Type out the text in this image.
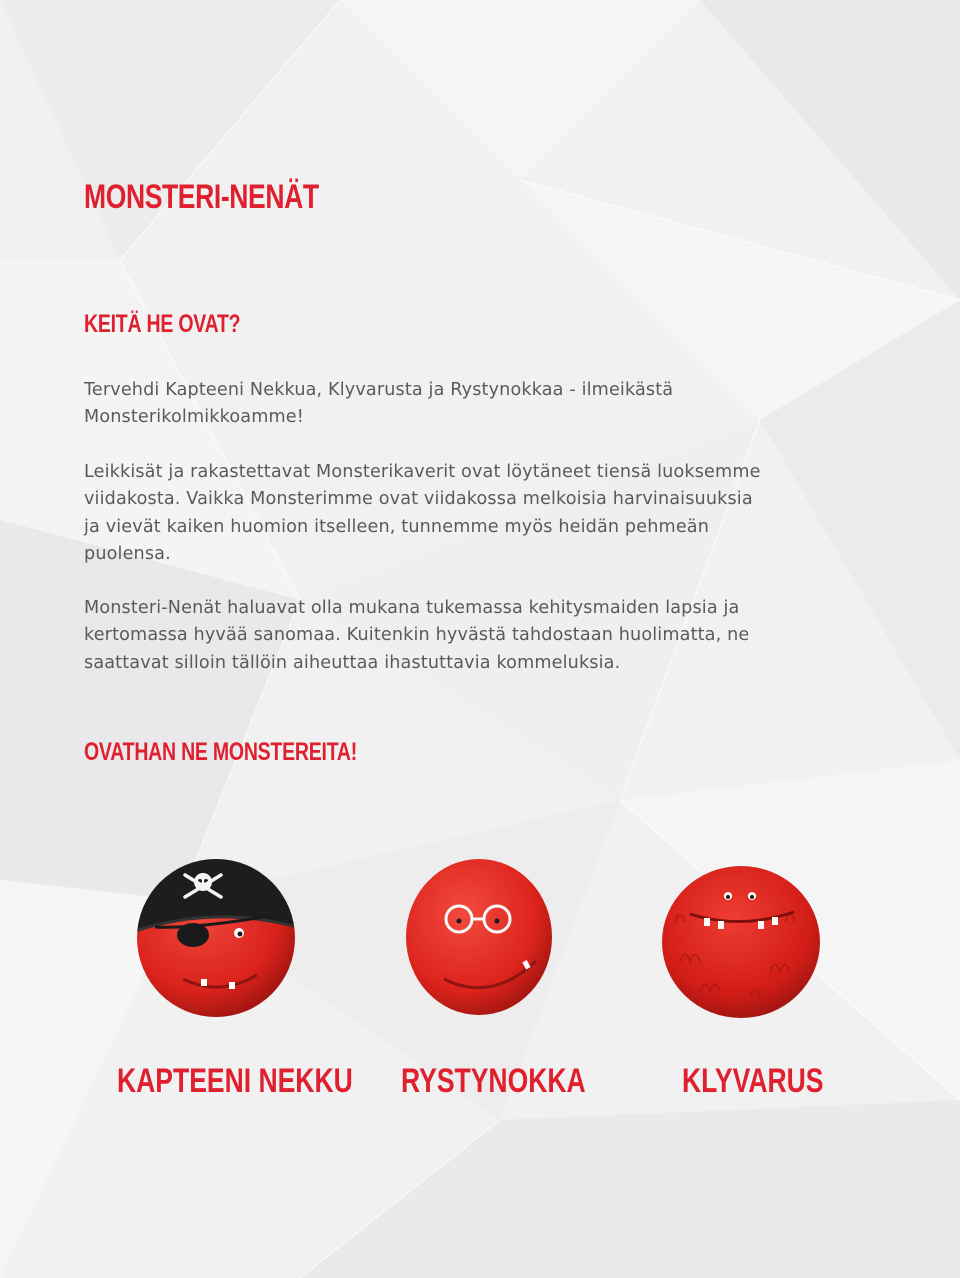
MONSTERI-NENÄT
KEITÄ HE OVAT?

Tervehdi Kapteeni Nekkua, Klyvarusta ja Rystynokkaa - ilmeikästä Monsterikolmikkoamme!

Leikkisät ja rakastettavat Monsterikaverit ovat löytäneet tiensä luoksemme viidakosta. Vaikka Monsterimme ovat viidakossa melkoisia harvinaisuuksia ja vievät kaiken huomion itselleen, tunnemme myös heidän pehmeän puolensa.

Monsteri-Nenät haluavat olla mukana tukemassa kehitysmaiden lapsia ja kertomassa hyvää sanomaa. Kuitenkin hyvästä tahdostaan huolimatta, ne saattavat silloin tällöin aiheuttaa ihastuttavia kommeluksia.

OVATHAN NE MONSTEREITA!
KAPTEENI NEKKU RYSTYNOKKA	KLYVARUS
